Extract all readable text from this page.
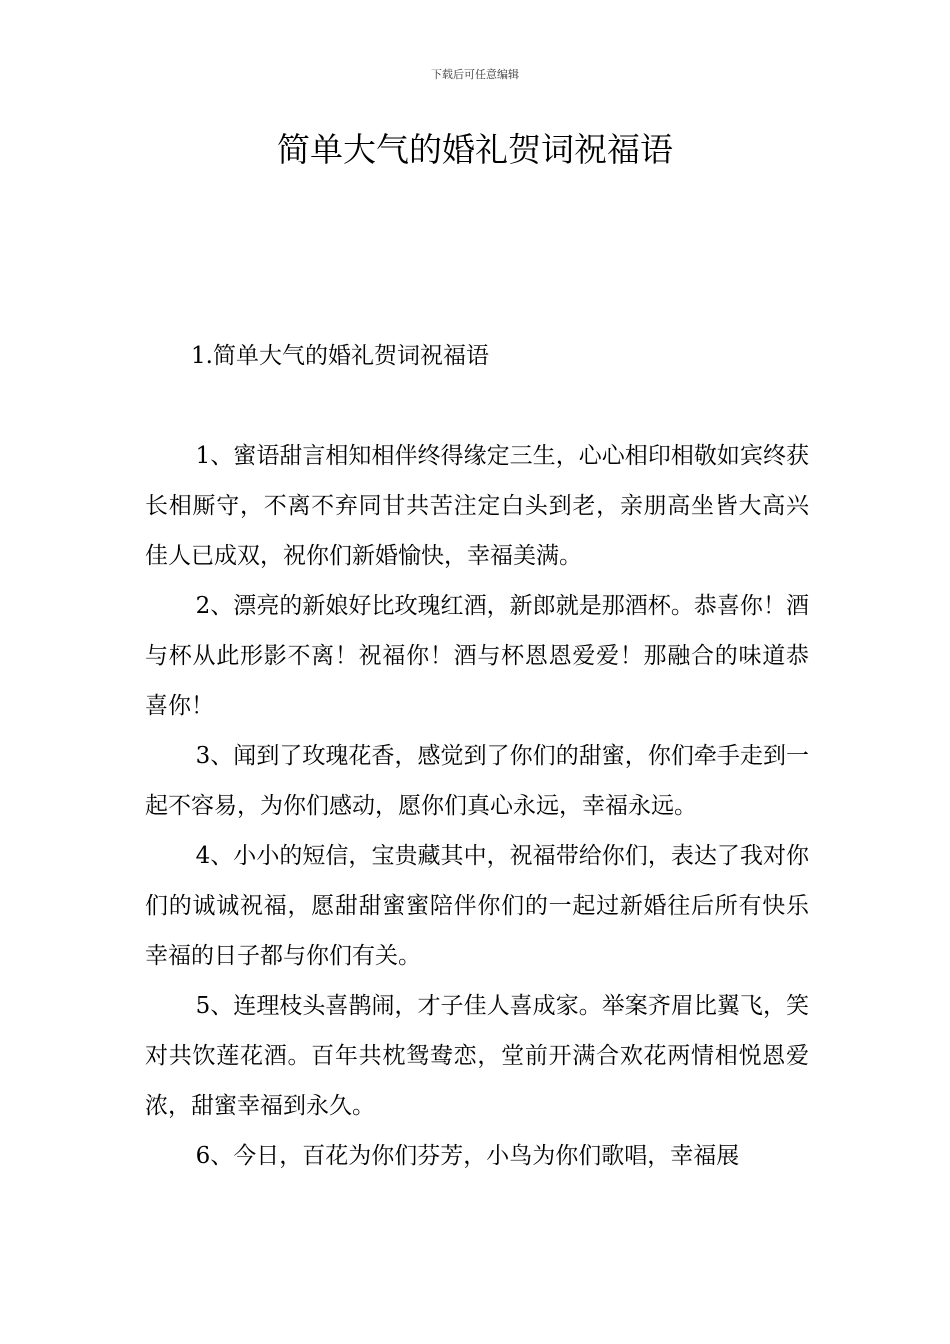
下载后可任意编辑
简单大气的婚礼贺词祝福语

1.简单大气的婚礼贺词祝福语

1、蜜语甜言相知相伴终得缘定三生，心心相印相敬如宾终获长相厮守，不离不弃同甘共苦注定白头到老，亲朋高坐皆大高兴佳人已成双，祝你们新婚愉快，幸福美满。

2、漂亮的新娘好比玫瑰红酒，新郎就是那酒杯。恭喜你！酒与杯从此形影不离！祝福你！酒与杯恩恩爱爱！那融合的味道恭喜你！

3、闻到了玫瑰花香，感觉到了你们的甜蜜，你们牵手走到一起不容易，为你们感动，愿你们真心永远，幸福永远。

4、小小的短信，宝贵藏其中，祝福带给你们，表达了我对你们的诚诚祝福，愿甜甜蜜蜜陪伴你们的一起过新婚往后所有快乐幸福的日子都与你们有关。

5、连理枝头喜鹊闹，才子佳人喜成家。举案齐眉比翼飞，笑对共饮莲花酒。百年共枕鸳鸯恋，堂前开满合欢花两情相悦恩爱浓，甜蜜幸福到永久。

6、今日，百花为你们芬芳，小鸟为你们歌唱，幸福展
